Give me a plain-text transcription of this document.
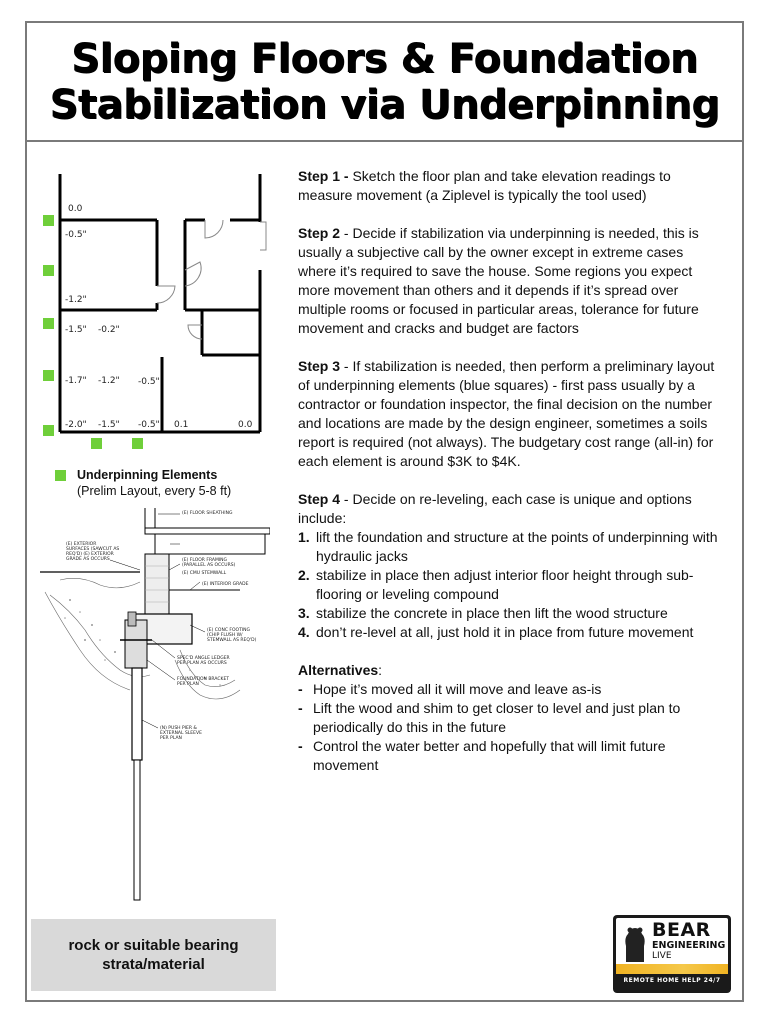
Sloping Floors & Foundation
Stabilization via Underpinning
0.0
-0.5"
-1.2"
-1.5" -0.2"
-1.7" -1.2" -0.5"
-2.0" -1.5" -0.5" 0.1	0.0
Underpinning Elements
(Prelim Layout, every 5-8 ft)
(E) FLOOR SHEATHING
(E) EXTERIOR
SURFACES (SAWCUT AS
REQ'D) (E) EXTERIOR
GRADE AS OCCURS	(E) FLOOR FRAMING
(PARALLEL AS OCCURS)
(E) CMU STEMWALL
(E) INTERIOR GRADE
(E) CONC FOOTING
(CHIP FLUSH W/
STEMWALL AS REQ'D)
SPEC'D ANGLE LEDGER
PER PLAN AS OCCURS
FOUNDATION BRACKET
PER PLAN
(N) PUSH PIER &
EXTERNAL SLEEVE
PER PLAN
rock or suitable bearing
strata/material

Step 1 - Sketch the floor plan and take elevation readings to measure movement (a Ziplevel is typically the tool used)

Step 2 - Decide if stabilization via underpinning is needed, this is usually a subjective call by the owner except in extreme cases where it’s required to save the house. Some regions you expect more movement than others and it depends if it’s spread over multiple rooms or focused in particular areas, tolerance for future movement and cracks and budget are factors

Step 3 - If stabilization is needed, then perform a preliminary layout of underpinning elements (blue squares) - first pass usually by a contractor or foundation inspector, the final decision on the number and locations are made by the design engineer, sometimes a soils report is required (not always). The budgetary cost range (all-in) for each element is around $3K to $4K.

Step 4 - Decide on re-leveling, each case is unique and options include:

1. lift the foundation and structure at the points of underpinning with hydraulic jacks
2. stabilize in place then adjust interior floor height through sub-flooring or leveling compound
3. stabilize the concrete in place then lift the wood structure
4. don’t re-level at all, just hold it in place from future movement

Alternatives:

- Hope it’s moved all it will move and leave as-is
- Lift the wood and shim to get closer to level and just plan to periodically do this in the future
- Control the water better and hopefully that will limit future movement
BEAR
ENGINEERING
LIVE
REMOTE HOME HELP 24/7
